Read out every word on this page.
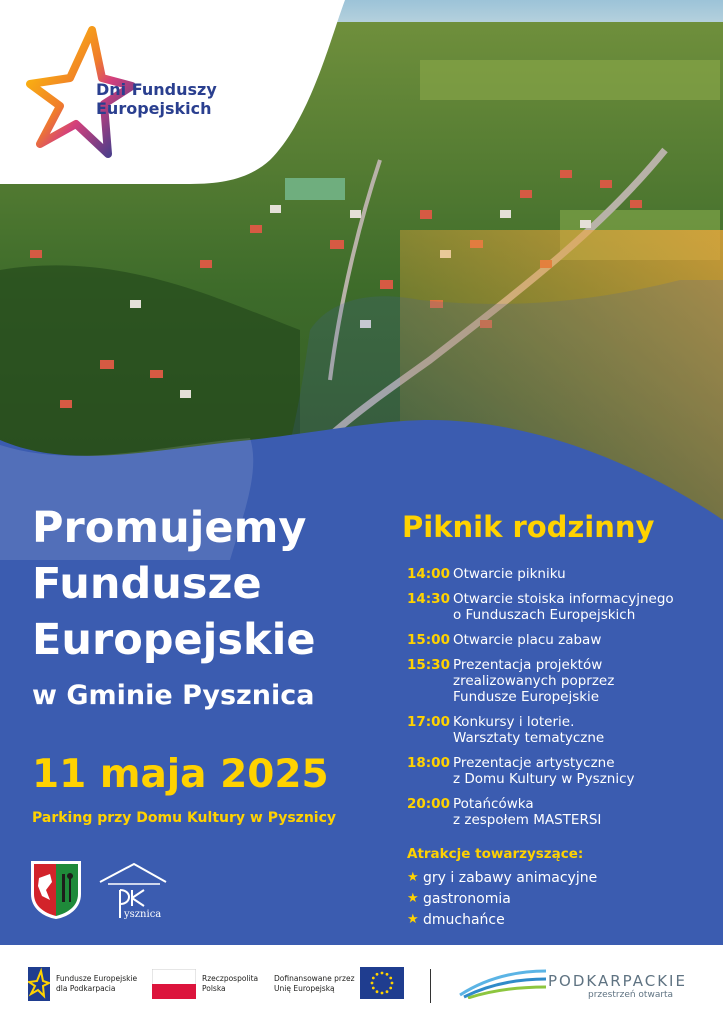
Dni Funduszy
Europejskich
Promujemy
Fundusze
Europejskie
w Gminie Pysznica
11 maja 2025
Parking przy Domu Kultury w Pysznicy
Piknik rodzinny
14:00 Otwarcie pikniku
14:30 Otwarcie stoiska informacyjnego
o Funduszach Europejskich
15:00 Otwarcie placu zabaw
15:30 Prezentacja projektów
zrealizowanych poprzez
Fundusze Europejskie
17:00 Konkursy i loterie.
Warsztaty tematyczne
18:00 Prezentacje artystyczne
z Domu Kultury w Pysznicy
20:00 Potańcówka
z zespołem MASTERSI
Atrakcje towarzyszące:
★ gry i zabawy animacyjne
★ gastronomia
★ dmuchańce
ysznica
Fundusze Europejskie
dla Podkarpacia
Rzeczpospolita
Polska
Dofinansowane przez
Unię Europejską	PODKARPACKIE
przestrzeń otwarta
